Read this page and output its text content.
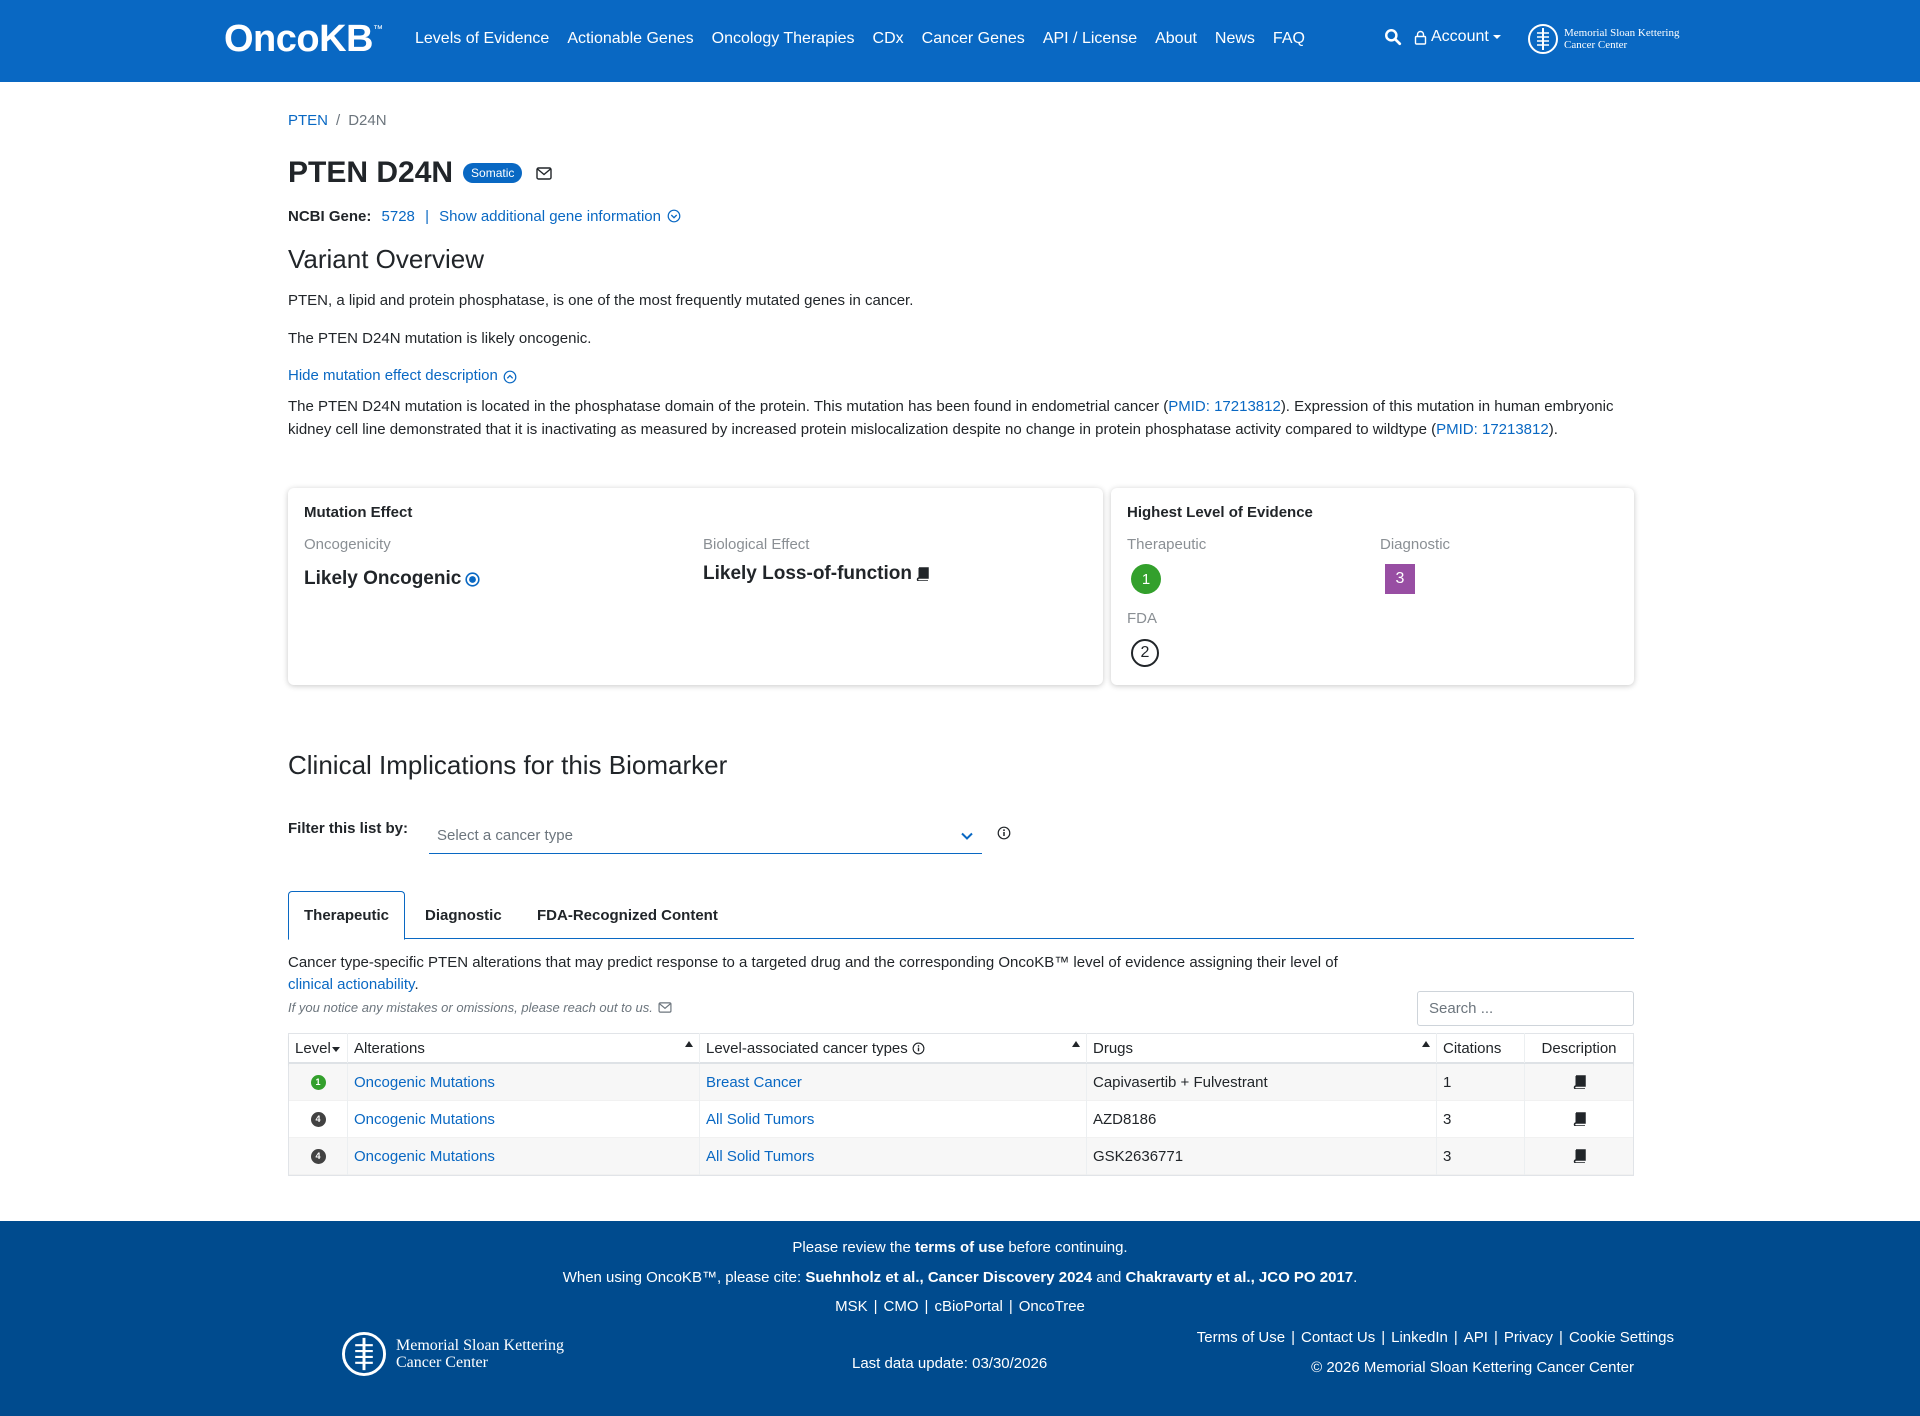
OncoKB™
Levels of Evidence Actionable Genes Oncology Therapies CDx Cancer Genes API / License About News FAQ	Account	Memorial Sloan Kettering
Cancer Center
PTEN / D24N
PTEN D24N	Somatic
NCBI Gene: 5728 | Show additional gene information
Variant Overview

PTEN, a lipid and protein phosphatase, is one of the most frequently mutated genes in cancer.

The PTEN D24N mutation is likely oncogenic.

Hide mutation effect description

The PTEN D24N mutation is located in the phosphatase domain of the protein. This mutation has been found in endometrial cancer (PMID: 17213812). Expression of this mutation in human embryonic kidney cell line demonstrated that it is inactivating as measured by increased protein mislocalization despite no change in protein phosphatase activity compared to wildtype (PMID: 17213812).

Mutation Effect
Oncogenicity
Likely Oncogenic
Biological Effect
Likely Loss-of-function
Highest Level of Evidence
Therapeutic
1
Diagnostic
3
FDA
2
Clinical Implications for this Biomarker
Filter this list by: Select a cancer type
Therapeutic	Diagnostic	FDA-Recognized Content

Cancer type-specific PTEN alterations that may predict response to a targeted drug and the corresponding OncoKB™ level of evidence assigning their level of clinical actionability.

If you notice any mistakes or omissions, please reach out to us.	Search ...
Level Alterations	Level-associated cancer types	Drugs	Citations	Description
1	Oncogenic Mutations	Breast Cancer	Capivasertib + Fulvestrant	1
4	Oncogenic Mutations	All Solid Tumors	AZD8186	3
4	Oncogenic Mutations	All Solid Tumors	GSK2636771	3
Please review the terms of use before continuing.
When using OncoKB™, please cite: Suehnholz et al., Cancer Discovery 2024 and Chakravarty et al., JCO PO 2017.
MSK | CMO | cBioPortal | OncoTree
Memorial Sloan Kettering
Cancer Center	Last data update: 03/30/2026
Terms of Use | Contact Us | LinkedIn | API | Privacy | Cookie Settings
© 2026 Memorial Sloan Kettering Cancer Center
